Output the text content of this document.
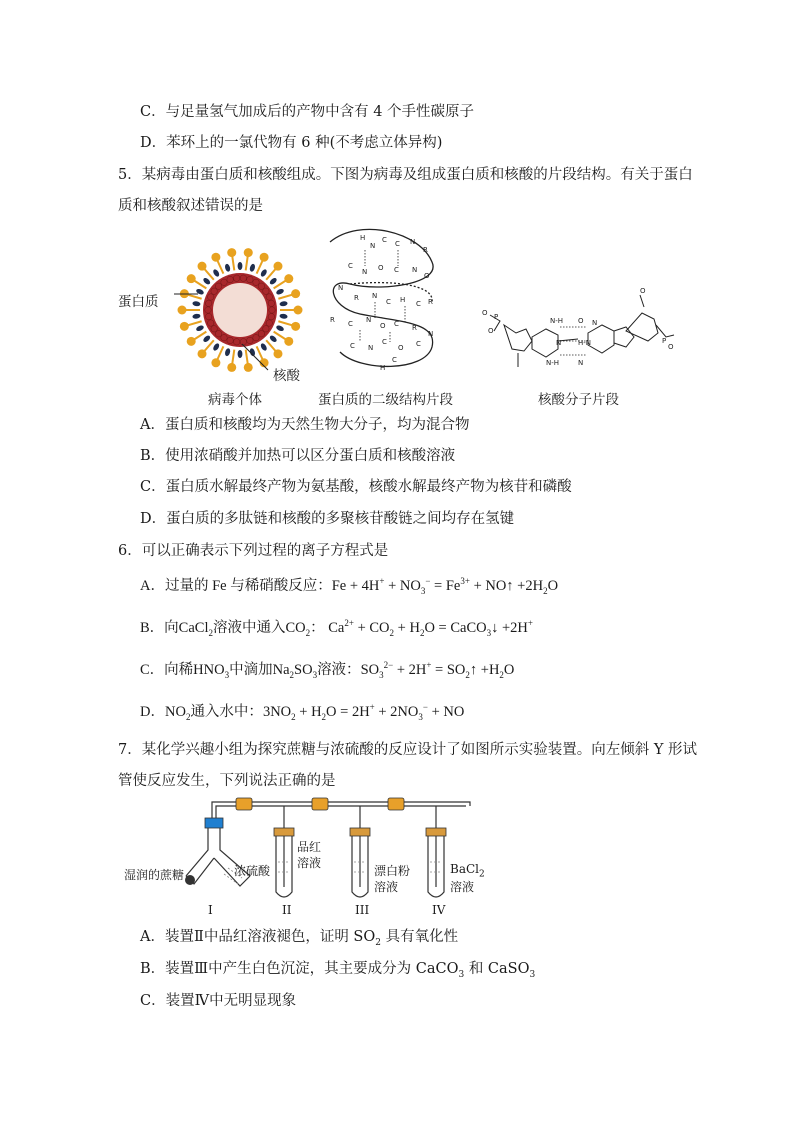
C．与足量氢气加成后的产物中含有 4 个手性碳原子
D．苯环上的一氯代物有 6 种(不考虑立体异构)
5．某病毒由蛋白质和核酸组成。下图为病毒及组成蛋白质和核酸的片段结构。有关于蛋白
质和核酸叙述错误的是
蛋白质
核酸
病毒个体
H
N
C C N
R
C
N O C N
O
N
R N
C H C R
R C N
O C R
C N
C
O C
N
H
C
蛋白质的二级结构片段
O P
O
N-H O N
N H-N
N-H	N
O
P
O
核酸分子片段
A．蛋白质和核酸均为天然生物大分子，均为混合物
B．使用浓硝酸并加热可以区分蛋白质和核酸溶液
C．蛋白质水解最终产物为氨基酸，核酸水解最终产物为核苷和磷酸
D．蛋白质的多肽链和核酸的多聚核苷酸链之间均存在氢键
6．可以正确表示下列过程的离子方程式是
A．过量的 Fe 与稀硝酸反应：$Fe + 4H^+ + NO_3^- = Fe^{3+}$ + NO↑ $+2H_2O$
B．向CaCl$_2$溶液中通入$CO_2$： $Ca^{2+} + CO_2 + H_2O$ = CaCO$_3$↓ +2H+
C．向稀$HNO_3$中滴加$Na_2SO_3$溶液：$SO_3^{2-} + 2H^+$ = $SO_2↑ +H_2O$
D．$NO_2$通入水中：$3NO_2 + H_2O = 2H^+ + 2NO_3^-$ + NO
7．某化学兴趣小组为探究蔗糖与浓硫酸的反应设计了如图所示实验装置。向左倾斜 Y 形试
管使反应发生，下列说法正确的是
湿润的蔗糖	浓硫酸
品红
溶液
漂白粉
溶液
BaCl$_2$
溶液
I	II	III	IV
A．装置Ⅱ中品红溶液褪色，证明 $SO_2$ 具有氧化性
B．装置Ⅲ中产生白色沉淀，其主要成分为 CaCO$_3$ 和 CaSO$_3$
C．装置Ⅳ中无明显现象
